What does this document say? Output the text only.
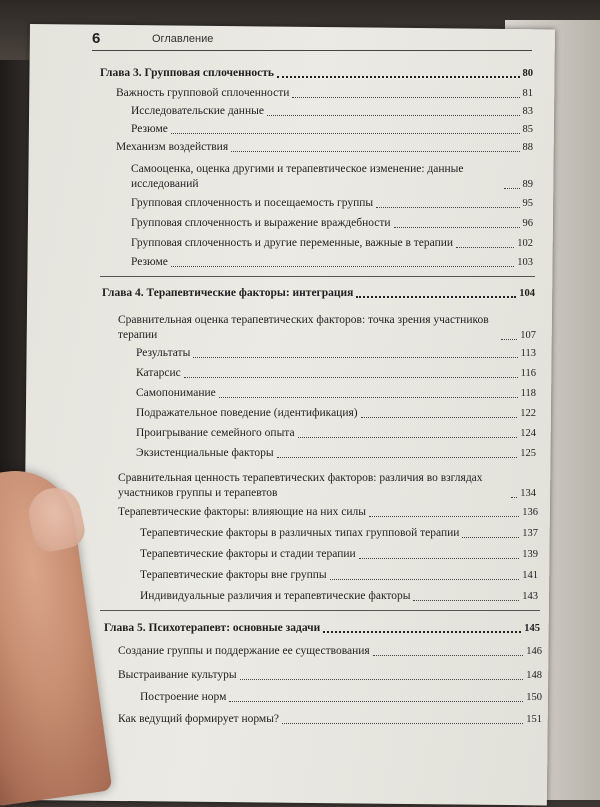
6	Оглавление
Глава 3. Групповая сплоченность	80
Важность групповой сплоченности	81
Исследовательские данные	83
Резюме	85
Механизм воздействия	88
Самооценка, оценка другими и терапевтическое изменение: данные исследований	89
Групповая сплоченность и посещаемость группы	95
Групповая сплоченность и выражение враждебности	96
Групповая сплоченность и другие переменные, важные в терапии	102
Резюме	103
Глава 4. Терапевтические факторы: интеграция	104
Сравнительная оценка терапевтических факторов: точка зрения участников терапии	107
Результаты	113
Катарсис	116
Самопонимание	118
Подражательное поведение (идентификация)	122
Проигрывание семейного опыта	124
Экзистенциальные факторы	125
Сравнительная ценность терапевтических факторов: различия во взглядах участников группы и терапевтов	134
Терапевтические факторы: влияющие на них силы	136
Терапевтические факторы в различных типах групповой терапии	137
Терапевтические факторы и стадии терапии	139
Терапевтические факторы вне группы	141
Индивидуальные различия и терапевтические факторы	143
Глава 5. Психотерапевт: основные задачи	145
Создание группы и поддержание ее существования	146
Выстраивание культуры	148
Построение норм	150
Как ведущий формирует нормы?	151
